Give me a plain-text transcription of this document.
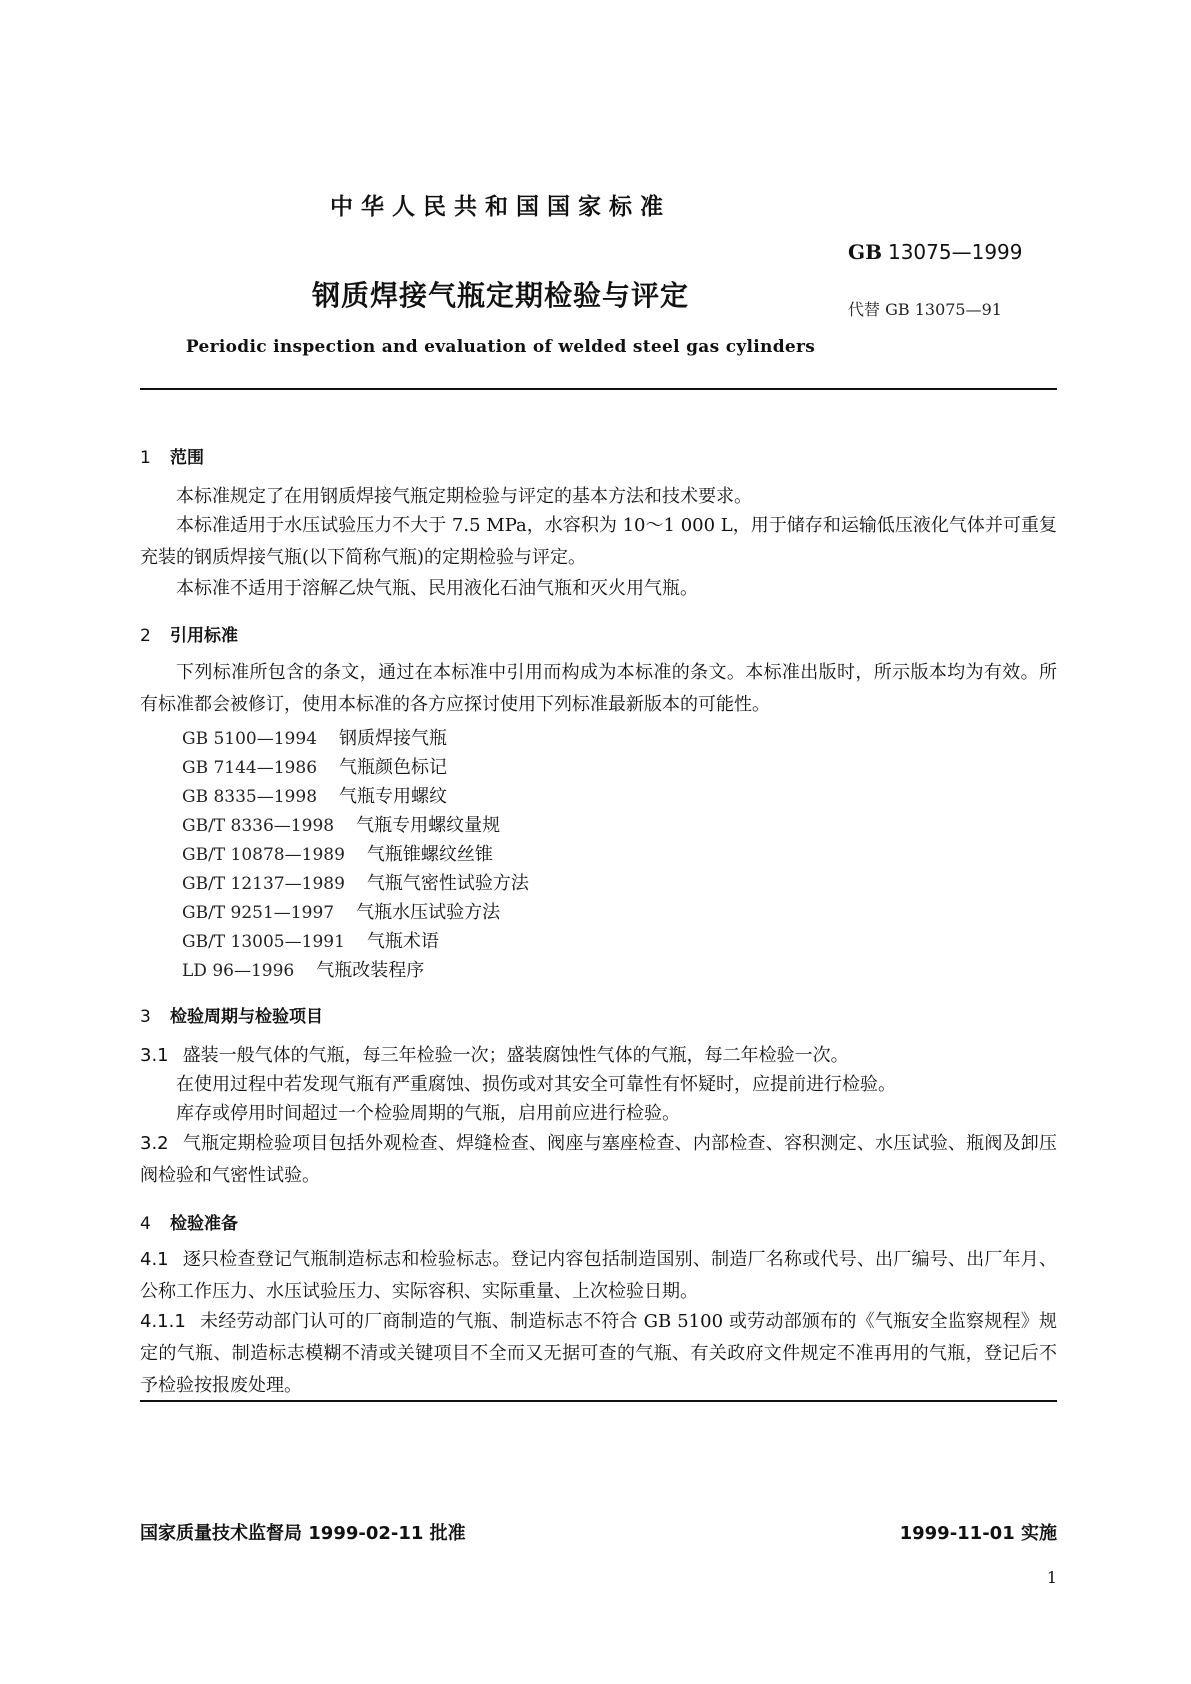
中华人民共和国国家标准
GB 13075—1999
钢质焊接气瓶定期检验与评定	代替 GB 13075—91
Periodic inspection and evaluation of welded steel gas cylinders
1 范围
本标准规定了在用钢质焊接气瓶定期检验与评定的基本方法和技术要求。
本标准适用于水压试验压力不大于 7.5 MPa，水容积为 10～1 000 L，用于储存和运输低压液化气体并可重复充装的钢质焊接气瓶(以下简称气瓶)的定期检验与评定。
本标准不适用于溶解乙炔气瓶、民用液化石油气瓶和灭火用气瓶。
2 引用标准
下列标准所包含的条文，通过在本标准中引用而构成为本标准的条文。本标准出版时，所示版本均为有效。所有标准都会被修订，使用本标准的各方应探讨使用下列标准最新版本的可能性。
GB 5100—1994 钢质焊接气瓶
GB 7144—1986 气瓶颜色标记
GB 8335—1998 气瓶专用螺纹
GB/T 8336—1998 气瓶专用螺纹量规
GB/T 10878—1989 气瓶锥螺纹丝锥
GB/T 12137—1989 气瓶气密性试验方法
GB/T 9251—1997 气瓶水压试验方法
GB/T 13005—1991 气瓶术语
LD 96—1996 气瓶改装程序
3 检验周期与检验项目
3.1 盛装一般气体的气瓶，每三年检验一次；盛装腐蚀性气体的气瓶，每二年检验一次。
在使用过程中若发现气瓶有严重腐蚀、损伤或对其安全可靠性有怀疑时，应提前进行检验。
库存或停用时间超过一个检验周期的气瓶，启用前应进行检验。
3.2 气瓶定期检验项目包括外观检查、焊缝检查、阀座与塞座检查、内部检查、容积测定、水压试验、瓶阀及卸压阀检验和气密性试验。
4 检验准备
4.1 逐只检查登记气瓶制造标志和检验标志。登记内容包括制造国别、制造厂名称或代号、出厂编号、出厂年月、公称工作压力、水压试验压力、实际容积、实际重量、上次检验日期。
4.1.1 未经劳动部门认可的厂商制造的气瓶、制造标志不符合 GB 5100 或劳动部颁布的《气瓶安全监察规程》规定的气瓶、制造标志模糊不清或关键项目不全而又无据可查的气瓶、有关政府文件规定不准再用的气瓶，登记后不予检验按报废处理。
国家质量技术监督局 1999-02-11 批准	1999-11-01 实施
1
